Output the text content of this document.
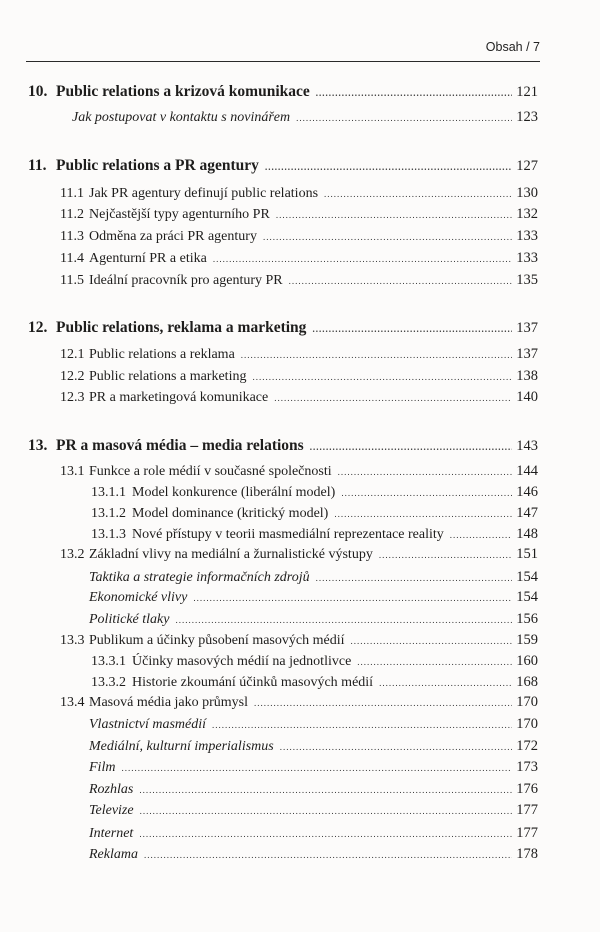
Obsah / 7
10. Public relations a krizová komunikace .....	121
Jak postupovat v kontaktu s novinářem .....	123
11. Public relations a PR agentury .....	127
11.1 Jak PR agentury definují public relations .....	130
11.2 Nejčastější typy agenturního PR .....	132
11.3 Odměna za práci PR agentury .....	133
11.4 Agenturní PR a etika .....	133
11.5 Ideální pracovník pro agentury PR .....	135
12. Public relations, reklama a marketing .....	137
12.1 Public relations a reklama .....	137
12.2 Public relations a marketing .....	138
12.3 PR a marketingová komunikace .....	140
13. PR a masová média – media relations .....	143
13.1 Funkce a role médií v současné společnosti .....	144
13.1.1 Model konkurence (liberální model) .....	146
13.1.2 Model dominance (kritický model) .....	147
13.1.3 Nové přístupy v teorii masmediální reprezentace reality .....	148
13.2 Základní vlivy na mediální a žurnalistické výstupy .....	151
Taktika a strategie informačních zdrojů .....	154
Ekonomické vlivy .....	154
Politické tlaky .....	156
13.3 Publikum a účinky působení masových médií .....	159
13.3.1 Účinky masových médií na jednotlivce .....	160
13.3.2 Historie zkoumání účinků masových médií .....	168
13.4 Masová média jako průmysl .....	170
Vlastnictví masmédií .....	170
Mediální, kulturní imperialismus .....	172
Film .....	173
Rozhlas .....	176
Televize .....	177
Internet .....	177
Reklama .....	178
